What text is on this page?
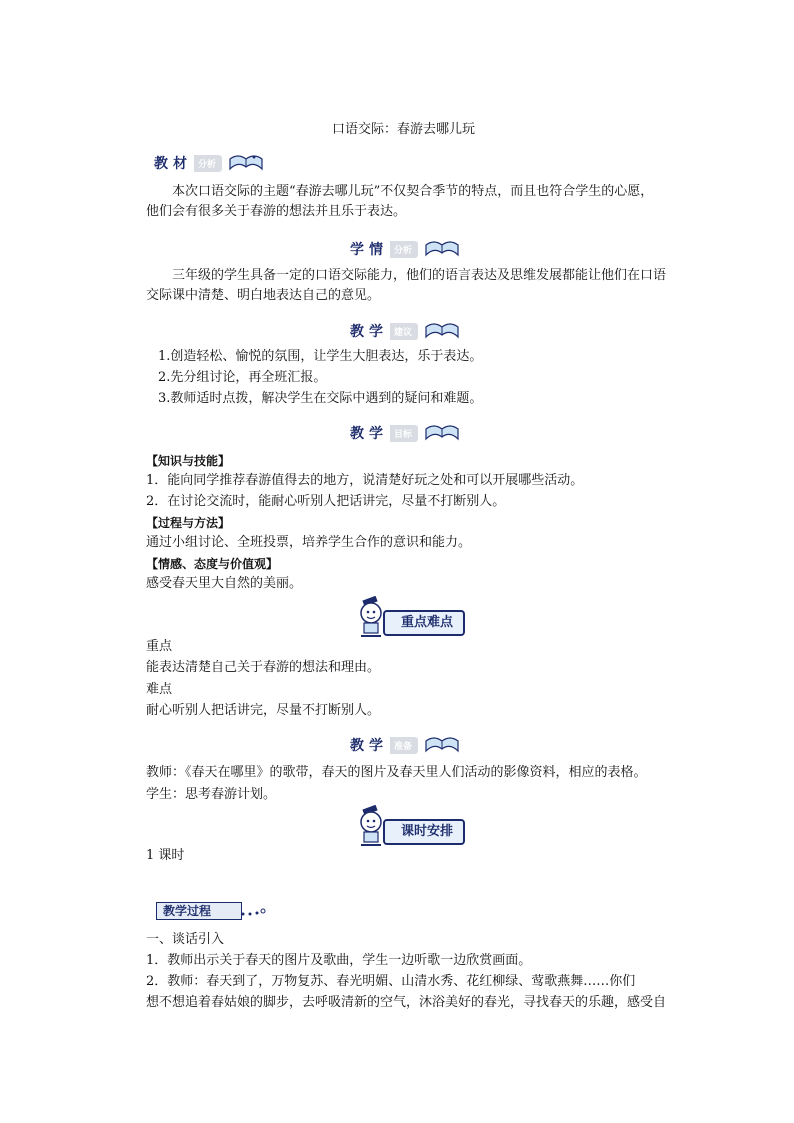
口语交际：春游去哪儿玩
教材 分析
本次口语交际的主题“春游去哪儿玩”不仅契合季节的特点，而且也符合学生的心愿，他们会有很多关于春游的想法并且乐于表达。
学情 分析
三年级的学生具备一定的口语交际能力，他们的语言表达及思维发展都能让他们在口语交际课中清楚、明白地表达自己的意见。
教学 建议
1.创造轻松、愉悦的氛围，让学生大胆表达，乐于表达。
2.先分组讨论，再全班汇报。
3.教师适时点拨，解决学生在交际中遇到的疑问和难题。
教学 目标
【知识与技能】
1．能向同学推荐春游值得去的地方，说清楚好玩之处和可以开展哪些活动。
2．在讨论交流时，能耐心听别人把话讲完，尽量不打断别人。
【过程与方法】
通过小组讨论、全班投票，培养学生合作的意识和能力。
【情感、态度与价值观】
感受春天里大自然的美丽。
重点难点
重点
能表达清楚自己关于春游的想法和理由。
难点
耐心听别人把话讲完，尽量不打断别人。
教学 准备
教师：《春天在哪里》的歌带，春天的图片及春天里人们活动的影像资料，相应的表格。
学生：思考春游计划。
课时安排
1 课时
教学过程
一、谈话引入
1．教师出示关于春天的图片及歌曲，学生一边听歌一边欣赏画面。
2．教师：春天到了，万物复苏、春光明媚、山清水秀、花红柳绿、莺歌燕舞……你们
想不想追着春姑娘的脚步，去呼吸清新的空气，沐浴美好的春光，寻找春天的乐趣，感受自
